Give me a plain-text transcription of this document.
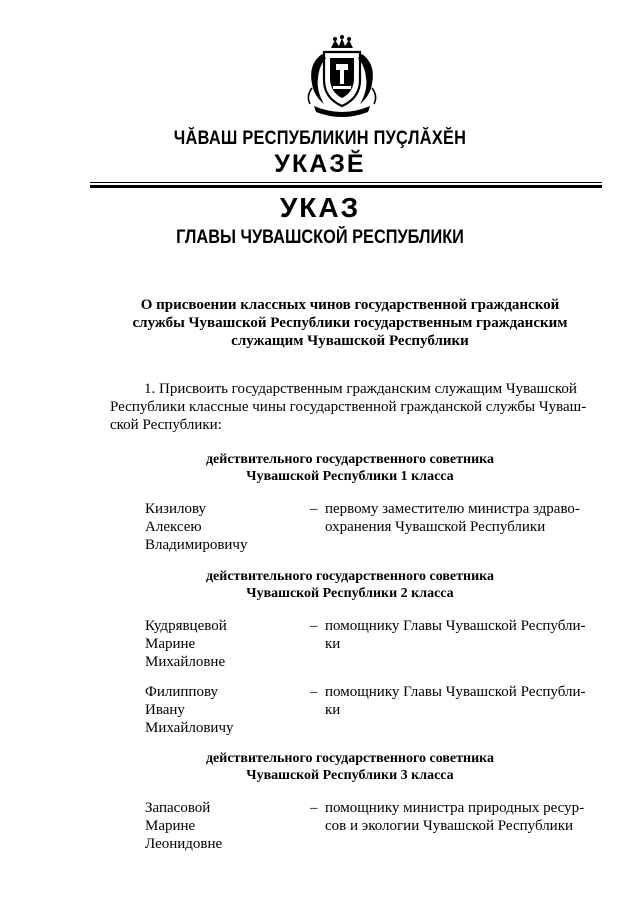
ЧĂВАШ РЕСПУБЛИКИН ПУÇЛĂХĔН
УКАЗĔ
УКАЗ
ГЛАВЫ ЧУВАШСКОЙ РЕСПУБЛИКИ
О присвоении классных чинов государственной гражданской
службы Чувашской Республики государственным гражданским
служащим Чувашской Республики
1. Присвоить государственным гражданским служащим Чувашской
Республики классные чины государственной гражданской службы Чуваш-
ской Республики:
действительного государственного советника
Чувашской Республики 1 класса
Кизилову
Алексею
Владимировичу
– первому заместителю министра здраво-
охранения Чувашской Республики
действительного государственного советника
Чувашской Республики 2 класса
Кудрявцевой
Марине
Михайловне
– помощнику Главы Чувашской Республи-
ки
Филиппову
Ивану
Михайловичу
– помощнику Главы Чувашской Республи-
ки
действительного государственного советника
Чувашской Республики 3 класса
Запасовой
Марине
Леонидовне
– помощнику министра природных ресур-
сов и экологии Чувашской Республики
